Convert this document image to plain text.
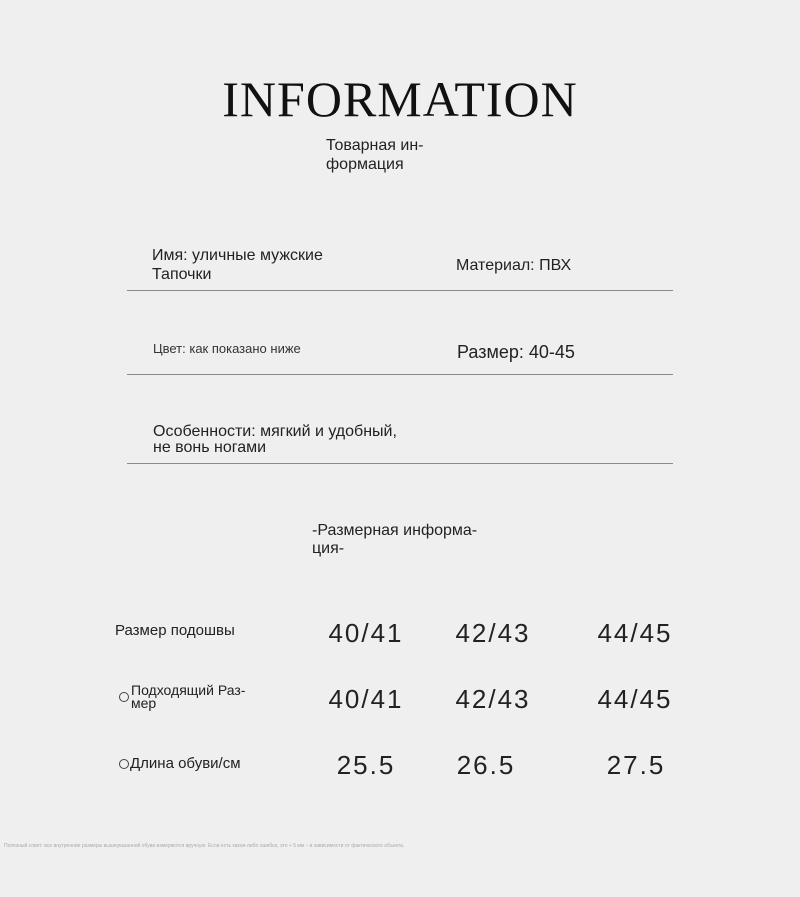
INFORMATION
Товарная ин-формация
Имя: уличные мужские Тапочки
Материал: ПВХ
Цвет: как показано ниже	Размер: 40-45
Особенности: мягкий и удобный, не вонь ногами
-Размерная информа-ция-
Размер подошвы	40/41	42/43	44/45
Подходящий Раз-мер	40/41	42/43	44/45
Длина обуви/см	25.5	26.5	27.5
Полезный совет: все внутренние размеры вышеуказанной обуви измеряются вручную. Если есть какая-либо ошибка, это + 5 мм – в зависимости от фактического объекта.
